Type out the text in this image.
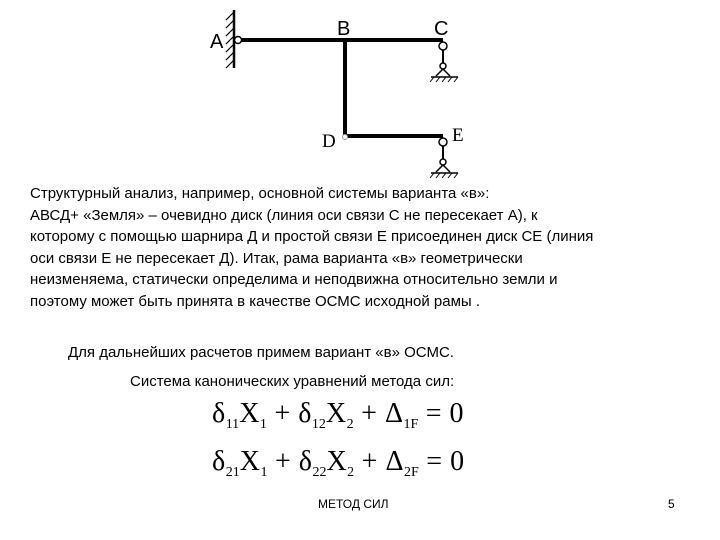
A
B	C
D	E
Структурный анализ, например, основной системы варианта «в»:
АВСД+ «Земля» – очевидно диск (линия оси связи С не пересекает А), к
которому с помощью шарнира Д и простой связи Е присоединен диск СЕ (линия
оси связи Е не пересекает Д). Итак, рама варианта «в» геометрически
неизменяема, статически определима и неподвижна относительно земли и
поэтому может быть принята в качестве ОСМС исходной рамы .
Для дальнейших расчетов примем вариант «в» ОСМС.
Система канонических уравнений метода сил:
$\delta_{11}X_1 + \delta_{12}X_2 + \Delta_{1F} = 0$
$\delta_{21}X_1 + \delta_{22}X_2 + \Delta_{2F} = 0$
МЕТОД СИЛ	5
